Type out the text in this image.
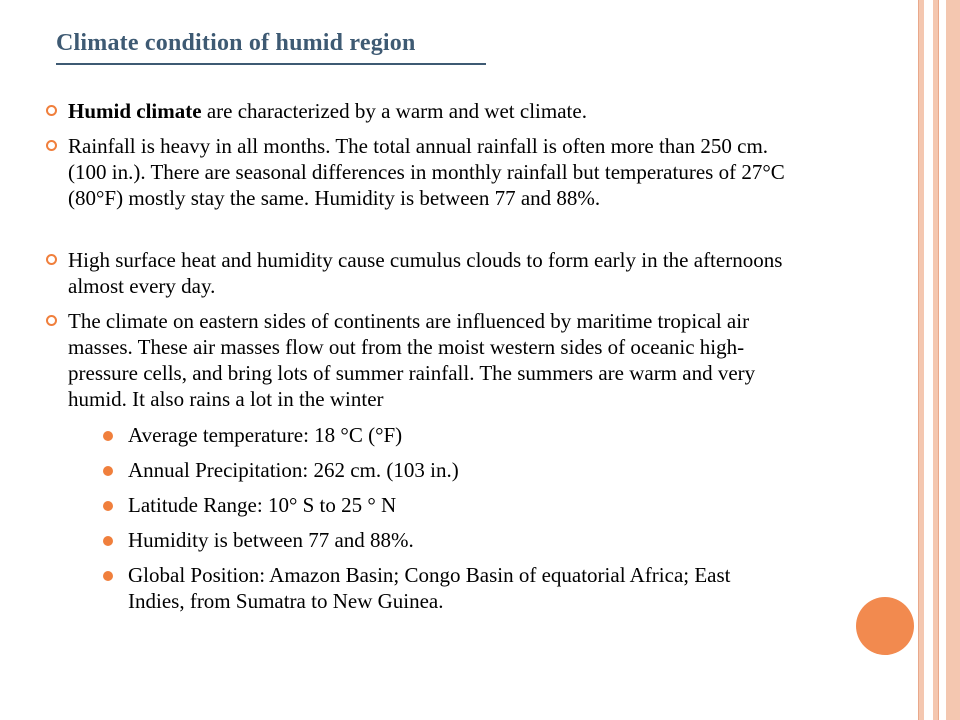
Climate condition of humid region
Humid climate are characterized by a warm and wet climate.
Rainfall is heavy in all months. The total annual rainfall is often more than 250 cm. (100 in.). There are seasonal differences in monthly rainfall but temperatures of 27°C (80°F) mostly stay the same. Humidity is between 77 and 88%.
High surface heat and humidity cause cumulus clouds to form early in the afternoons almost every day.
The climate on eastern sides of continents are influenced by maritime tropical air masses. These air masses flow out from the moist western sides of oceanic high-pressure cells, and bring lots of summer rainfall. The summers are warm and very humid. It also rains a lot in the winter
Average temperature: 18 °C (°F)
Annual Precipitation: 262 cm. (103 in.)
Latitude Range: 10° S to 25 ° N
Humidity is between 77 and 88%.
Global Position: Amazon Basin; Congo Basin of equatorial Africa; East Indies, from Sumatra to New Guinea.
